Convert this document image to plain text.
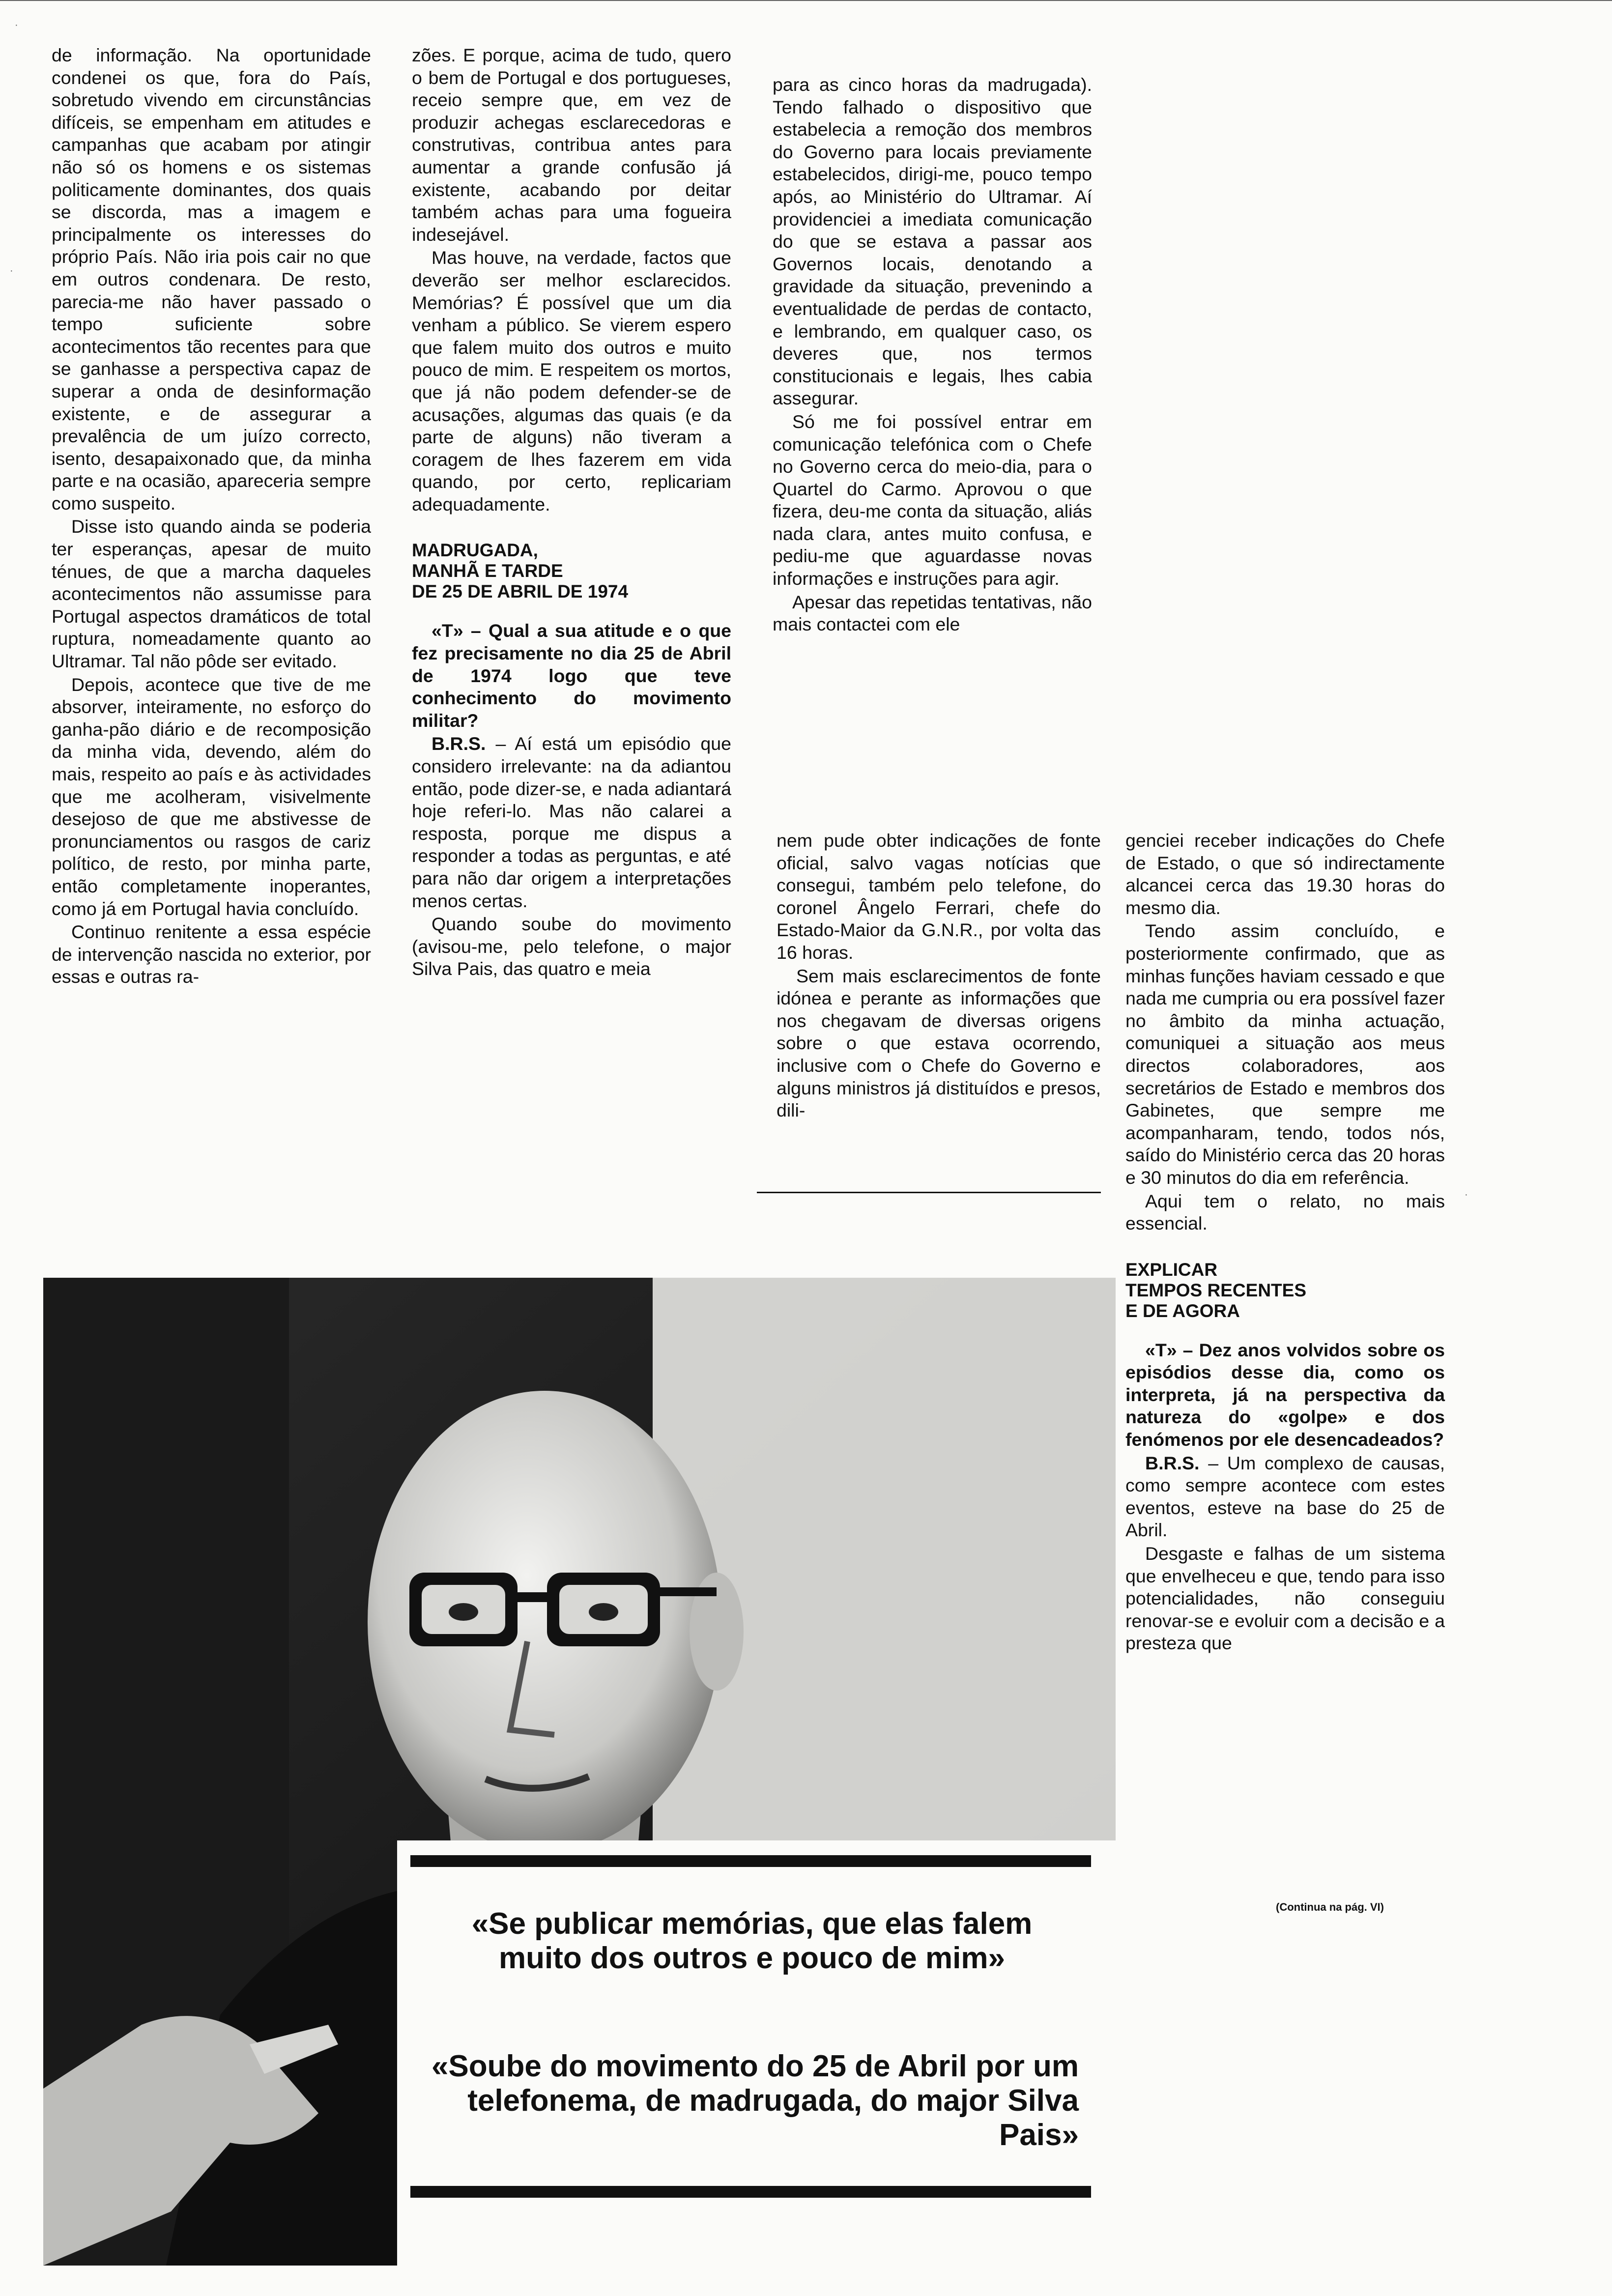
de informação. Na oportunidade condenei os que, fora do País, sobretudo vivendo em circunstâncias difíceis, se empenham em atitudes e campanhas que acabam por atingir não só os homens e os sistemas politicamente dominantes, dos quais se discorda, mas a imagem e principalmente os interesses do próprio País. Não iria pois cair no que em outros condenara. De resto, parecia-me não haver passado o tempo suficiente sobre acontecimentos tão recentes para que se ganhasse a perspectiva capaz de superar a onda de desinformação existente, e de assegurar a prevalência de um juízo correcto, isento, desapaixonado que, da minha parte e na ocasião, apareceria sempre como suspeito.

Disse isto quando ainda se poderia ter esperanças, apesar de muito ténues, de que a marcha daqueles acontecimentos não assumisse para Portugal aspectos dramáticos de total ruptura, nomeadamente quanto ao Ultramar. Tal não pôde ser evitado.

Depois, acontece que tive de me absorver, inteiramente, no esforço do ganha-pão diário e de recomposição da minha vida, devendo, além do mais, respeito ao país e às actividades que me acolheram, visivelmente desejoso de que me abstivesse de pronunciamentos ou rasgos de cariz político, de resto, por minha parte, então completamente inoperantes, como já em Portugal havia concluído.

Continuo renitente a essa espécie de intervenção nascida no exterior, por essas e outras ra-

zões. E porque, acima de tudo, quero o bem de Portugal e dos portugueses, receio sempre que, em vez de produzir achegas esclarecedoras e construtivas, contribua antes para aumentar a grande confusão já existente, acabando por deitar também achas para uma fogueira indesejável.

Mas houve, na verdade, factos que deverão ser melhor esclarecidos. Memórias? É possível que um dia venham a público. Se vierem espero que falem muito dos outros e muito pouco de mim. E respeitem os mortos, que já não podem defender-se de acusações, algumas das quais (e da parte de alguns) não tiveram a coragem de lhes fazerem em vida quando, por certo, replicariam adequadamente.

MADRUGADA,
MANHÃ E TARDE
DE 25 DE ABRIL DE 1974

«T» – Qual a sua atitude e o que fez precisamente no dia 25 de Abril de 1974 logo que teve conhecimento do movimento militar?

B.R.S. – Aí está um episódio que considero irrelevante: na da adiantou então, pode dizer-se, e nada adiantará hoje referi-lo. Mas não calarei a resposta, porque me dispus a responder a todas as perguntas, e até para não dar origem a interpretações menos certas.

Quando soube do movimento (avisou-me, pelo telefone, o major Silva Pais, das quatro e meia

para as cinco horas da madrugada). Tendo falhado o dispositivo que estabelecia a remoção dos membros do Governo para locais previamente estabelecidos, dirigi-me, pouco tempo após, ao Ministério do Ultramar. Aí providenciei a imediata comunicação do que se estava a passar aos Governos locais, denotando a gravidade da situação, prevenindo a eventualidade de perdas de contacto, e lembrando, em qualquer caso, os deveres que, nos termos constitucionais e legais, lhes cabia assegurar.

Só me foi possível entrar em comunicação telefónica com o Chefe no Governo cerca do meio-dia, para o Quartel do Carmo. Aprovou o que fizera, deu-me conta da situação, aliás nada clara, antes muito confusa, e pediu-me que aguardasse novas informações e instruções para agir.

Apesar das repetidas tentativas, não mais contactei com ele

nem pude obter indicações de fonte oficial, salvo vagas notícias que consegui, também pelo telefone, do coronel Ângelo Ferrari, chefe do Estado-Maior da G.N.R., por volta das 16 horas.

Sem mais esclarecimentos de fonte idónea e perante as informações que nos chegavam de diversas origens sobre o que estava ocorrendo, inclusive com o Chefe do Governo e alguns ministros já distituídos e presos, dili-

genciei receber indicações do Chefe de Estado, o que só indirectamente alcancei cerca das 19.30 horas do mesmo dia.

Tendo assim concluído, e posteriormente confirmado, que as minhas funções haviam cessado e que nada me cumpria ou era possível fazer no âmbito da minha actuação, comuniquei a situação aos meus directos colaboradores, aos secretários de Estado e membros dos Gabinetes, que sempre me acompanharam, tendo, todos nós, saído do Ministério cerca das 20 horas e 30 minutos do dia em referência.

Aqui tem o relato, no mais essencial.

EXPLICAR
TEMPOS RECENTES
E DE AGORA

«T» – Dez anos volvidos sobre os episódios desse dia, como os interpreta, já na perspectiva da natureza do «golpe» e dos fenómenos por ele desencadeados?

B.R.S. – Um complexo de causas, como sempre acontece com estes eventos, esteve na base do 25 de Abril.

Desgaste e falhas de um sistema que envelheceu e que, tendo para isso potencialidades, não conseguiu renovar-se e evoluir com a decisão e a presteza que

(Continua na pág. VI)
«Se publicar memórias, que elas falem muito dos outros e pouco de mim»
«Soube do movimento do 25 de Abril por um telefonema, de madrugada, do major Silva Pais»
·
·
·
